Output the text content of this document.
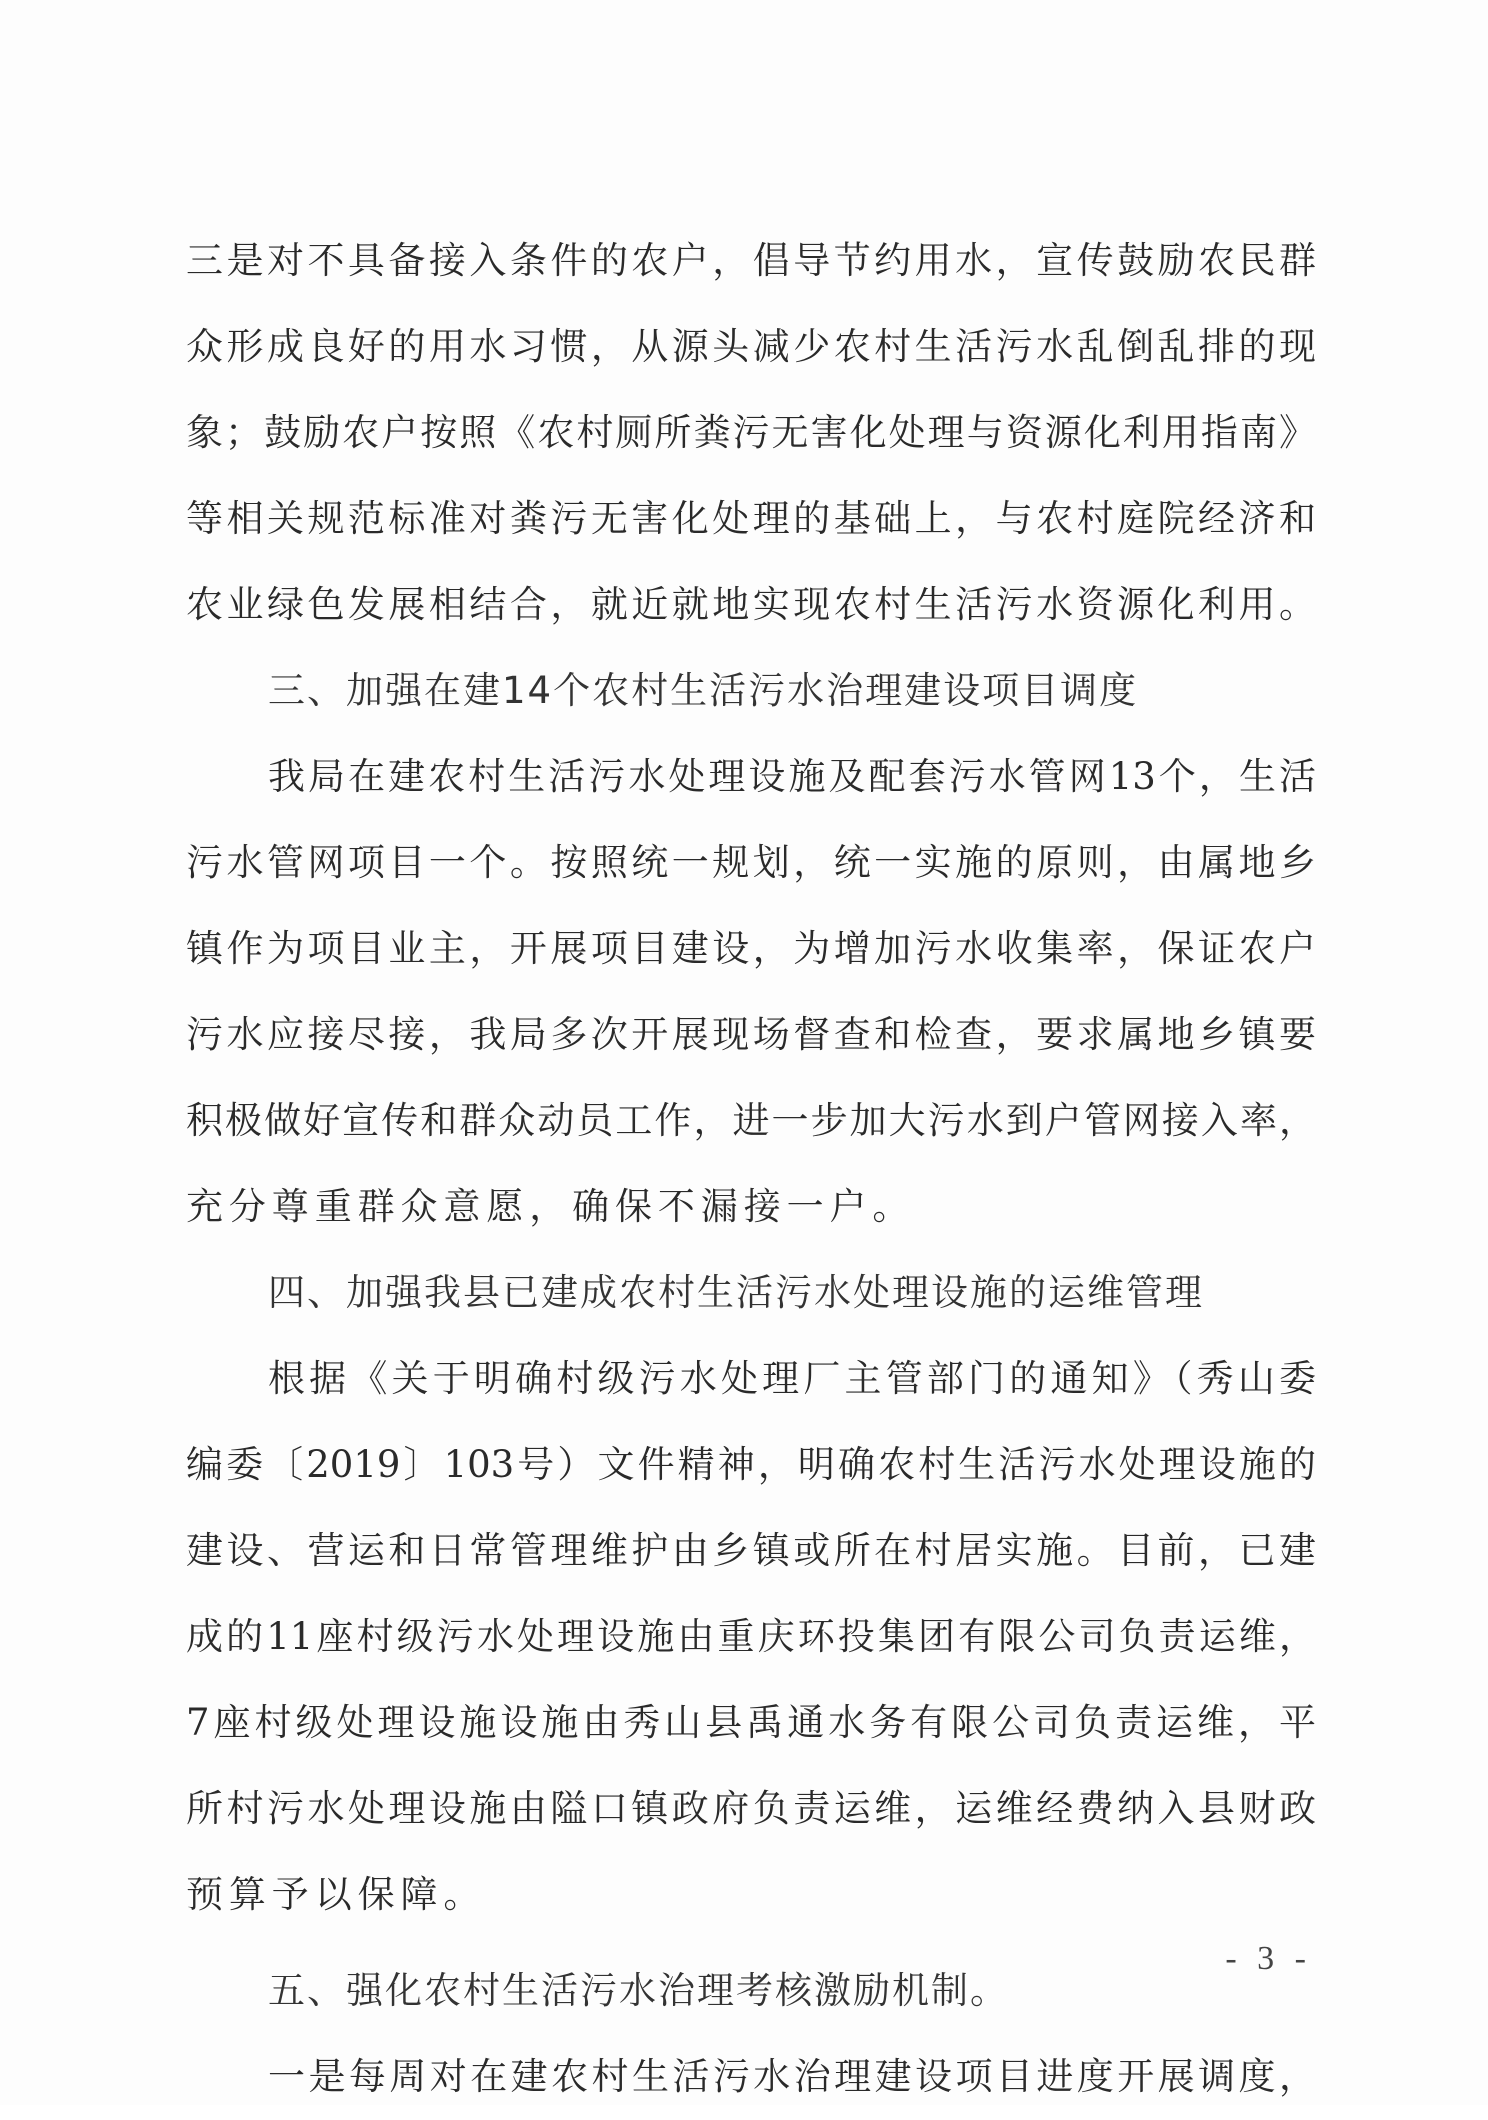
三是对不具备接入条件的农户，倡导节约用水，宣传鼓励农民群
众形成良好的用水习惯，从源头减少农村生活污水乱倒乱排的现
象；鼓励农户按照《农村厕所粪污无害化处理与资源化利用指南》
等相关规范标准对粪污无害化处理的基础上，与农村庭院经济和
农业绿色发展相结合，就近就地实现农村生活污水资源化利用。
三、加强在建14个农村生活污水治理建设项目调度
我局在建农村生活污水处理设施及配套污水管网13个，生活
污水管网项目一个。按照统一规划，统一实施的原则，由属地乡
镇作为项目业主，开展项目建设，为增加污水收集率，保证农户
污水应接尽接，我局多次开展现场督查和检查，要求属地乡镇要
积极做好宣传和群众动员工作，进一步加大污水到户管网接入率，
充分尊重群众意愿，确保不漏接一户。
四、加强我县已建成农村生活污水处理设施的运维管理
根据《关于明确村级污水处理厂主管部门的通知》（秀山委
编委〔2019〕103号）文件精神，明确农村生活污水处理设施的
建设、营运和日常管理维护由乡镇或所在村居实施。目前，已建
成的11座村级污水处理设施由重庆环投集团有限公司负责运维，
7座村级处理设施设施由秀山县禹通水务有限公司负责运维，平
所村污水处理设施由隘口镇政府负责运维，运维经费纳入县财政
预算予以保障。
五、强化农村生活污水治理考核激励机制。
一是每周对在建农村生活污水治理建设项目进度开展调度，
- 3 -
